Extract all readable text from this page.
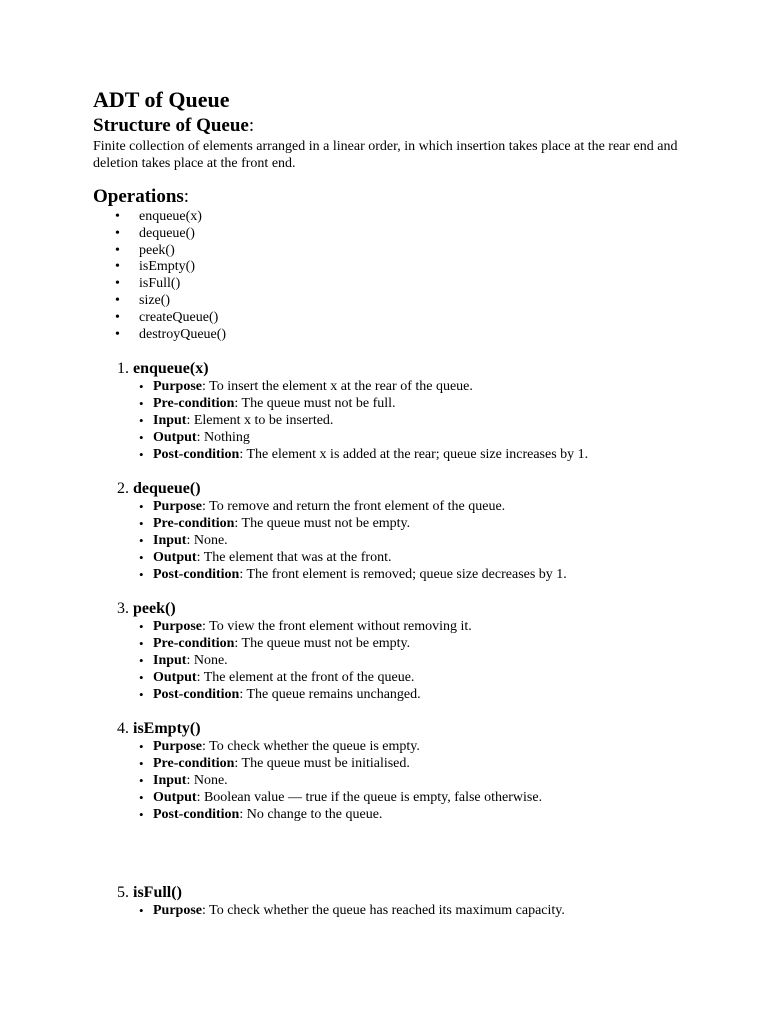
ADT of Queue
Structure of Queue:

Finite collection of elements arranged in a linear order, in which insertion takes place at the rear end and deletion takes place at the front end.

Operations:
• enqueue(x)
• dequeue()
• peek()
• isEmpty()
• isFull()
• size()
• createQueue()
• destroyQueue()
1. enqueue(x)
• Purpose: To insert the element x at the rear of the queue.
• Pre-condition: The queue must not be full.
• Input: Element x to be inserted.
• Output: Nothing
• Post-condition: The element x is added at the rear; queue size increases by 1.
2. dequeue()
• Purpose: To remove and return the front element of the queue.
• Pre-condition: The queue must not be empty.
• Input: None.
• Output: The element that was at the front.
• Post-condition: The front element is removed; queue size decreases by 1.
3. peek()
• Purpose: To view the front element without removing it.
• Pre-condition: The queue must not be empty.
• Input: None.
• Output: The element at the front of the queue.
• Post-condition: The queue remains unchanged.
4. isEmpty()
• Purpose: To check whether the queue is empty.
• Pre-condition: The queue must be initialised.
• Input: None.
• Output: Boolean value — true if the queue is empty, false otherwise.
• Post-condition: No change to the queue.
5. isFull()
• Purpose: To check whether the queue has reached its maximum capacity.
